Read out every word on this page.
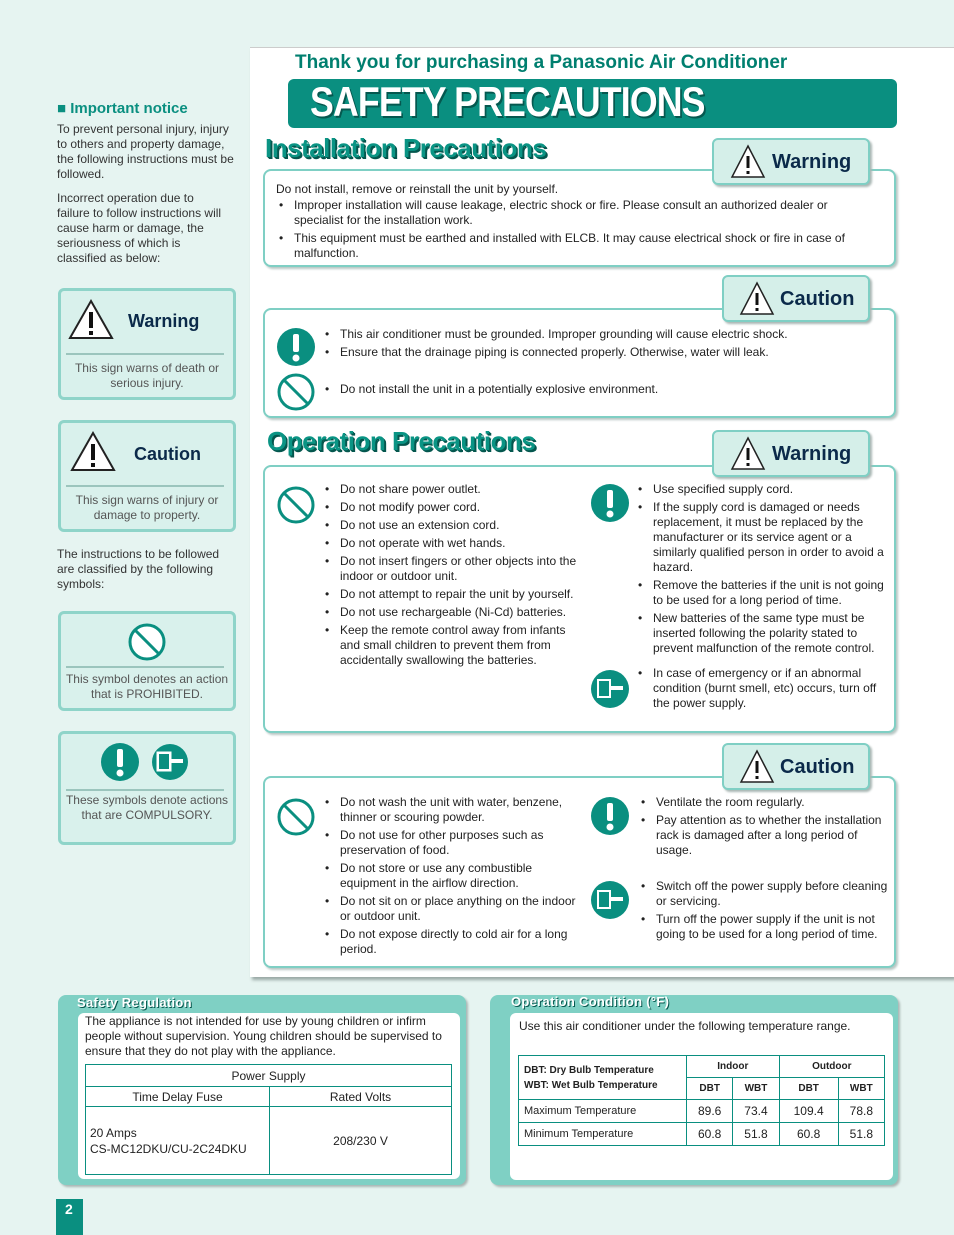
Thank you for purchasing a Panasonic Air Conditioner
SAFETY PRECAUTIONS
■ Important notice
To prevent personal injury, injury to others and property damage, the following instructions must be followed.
Incorrect operation due to failure to follow instructions will cause harm or damage, the seriousness of which is classified as below:
Warning
This sign warns of death or serious injury.
Caution
This sign warns of injury or damage to property.
The instructions to be followed are classified by the following symbols:
This symbol denotes an action that is PROHIBITED.
These symbols denote actions that are COMPULSORY.
Installation Precautions	Warning
Do not install, remove or reinstall the unit by yourself.
• Improper installation will cause leakage, electric shock or fire. Please consult an authorized dealer or specialist for the installation work.
• This equipment must be earthed and installed with ELCB. It may cause electrical shock or fire in case of malfunction.
Caution
• This air conditioner must be grounded. Improper grounding will cause electric shock.
• Ensure that the drainage piping is connected properly. Otherwise, water will leak.
• Do not install the unit in a potentially explosive environment.
Operation Precautions	Warning
• Do not share power outlet.
• Do not modify power cord.
• Do not use an extension cord.
• Do not operate with wet hands.
• Do not insert fingers or other objects into the indoor or outdoor unit.
• Do not attempt to repair the unit by yourself.
• Do not use rechargeable (Ni-Cd) batteries.
• Keep the remote control away from infants and small children to prevent them from accidentally swallowing the batteries.
• Use specified supply cord.
• If the supply cord is damaged or needs replacement, it must be replaced by the manufacturer or its service agent or a similarly qualified person in order to avoid a hazard.
• Remove the batteries if the unit is not going to be used for a long period of time.
• New batteries of the same type must be inserted following the polarity stated to prevent malfunction of the remote control.
• In case of emergency or if an abnormal condition (burnt smell, etc) occurs, turn off the power supply.
Caution
• Do not wash the unit with water, benzene, thinner or scouring powder.
• Do not use for other purposes such as preservation of food.
• Do not store or use any combustible equipment in the airflow direction.
• Do not sit on or place anything on the indoor or outdoor unit.
• Do not expose directly to cold air for a long period.
• Ventilate the room regularly.
• Pay attention as to whether the installation rack is damaged after a long period of usage.
• Switch off the power supply before cleaning or servicing.
• Turn off the power supply if the unit is not going to be used for a long period of time.
Safety Regulation
The appliance is not intended for use by young children or infirm people without supervision. Young children should be supervised to ensure that they do not play with the appliance.
Power Supply	
Time Delay Fuse	Rated Volts

20 Amps
CS-MC12DKU/CU-2C24DKU	208/230 V
Operation Condition (°F)
Use this air conditioner under the following temperature range.
DBT: Dry Bulb Temperature
WBT: Wet Bulb Temperature	Indoor		Outdoor	
	DBT	WBT	DBT	WBT
Maximum Temperature	89.6	73.4	109.4	78.8
Minimum Temperature	60.8	51.8	60.8	51.8
2
